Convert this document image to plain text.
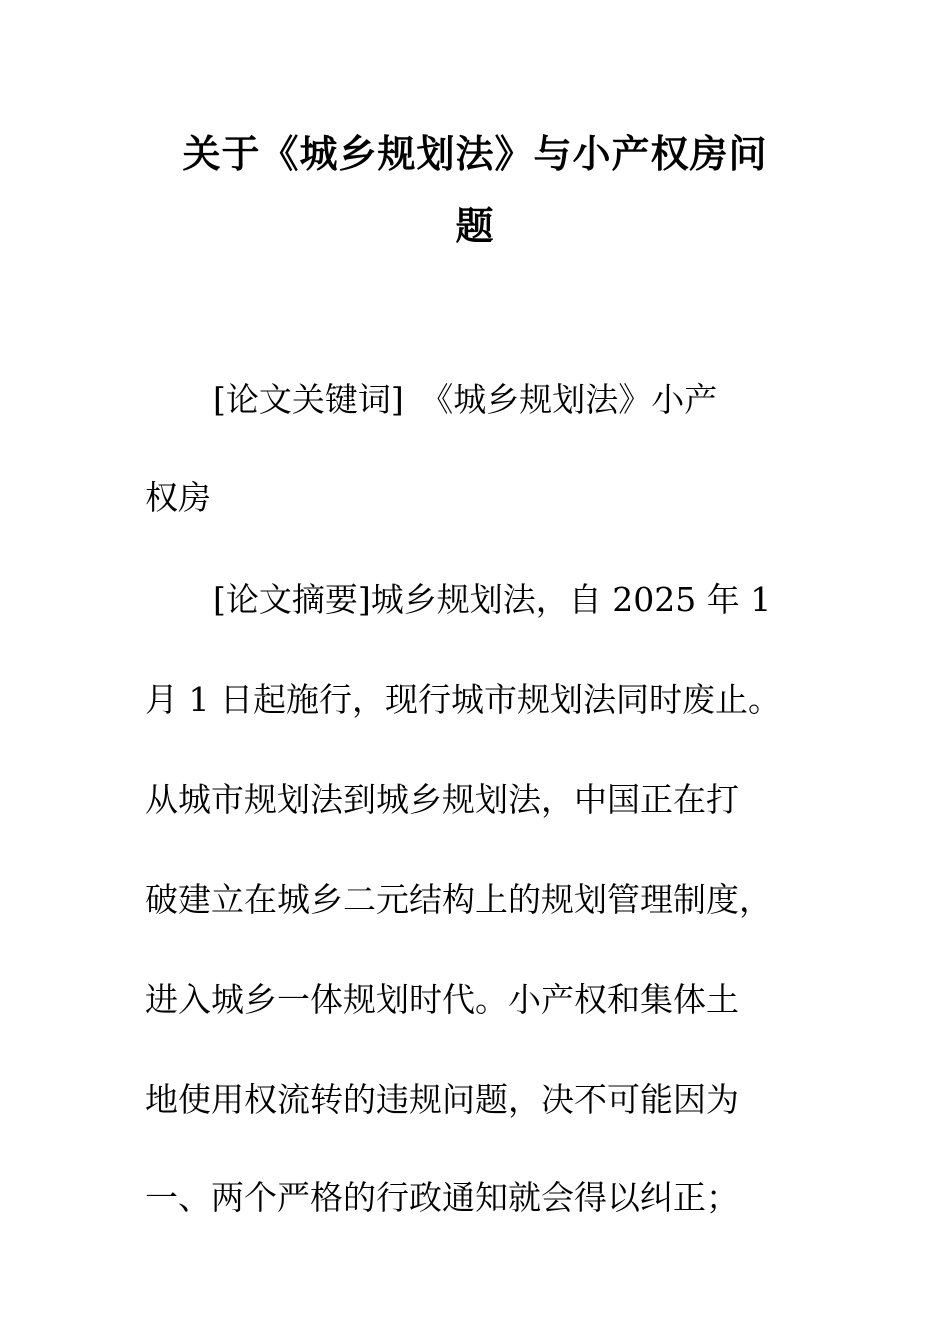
关于《城乡规划法》与小产权房问
题

[论文关键词]　《城乡规划法》小产

权房

[论文摘要]城乡规划法，自 2025 年 1

月 1 日起施行，现行城市规划法同时废止。

从城市规划法到城乡规划法，中国正在打

破建立在城乡二元结构上的规划管理制度，

进入城乡一体规划时代。小产权和集体土

地使用权流转的违规问题，决不可能因为

一、两个严格的行政通知就会得以纠正；
